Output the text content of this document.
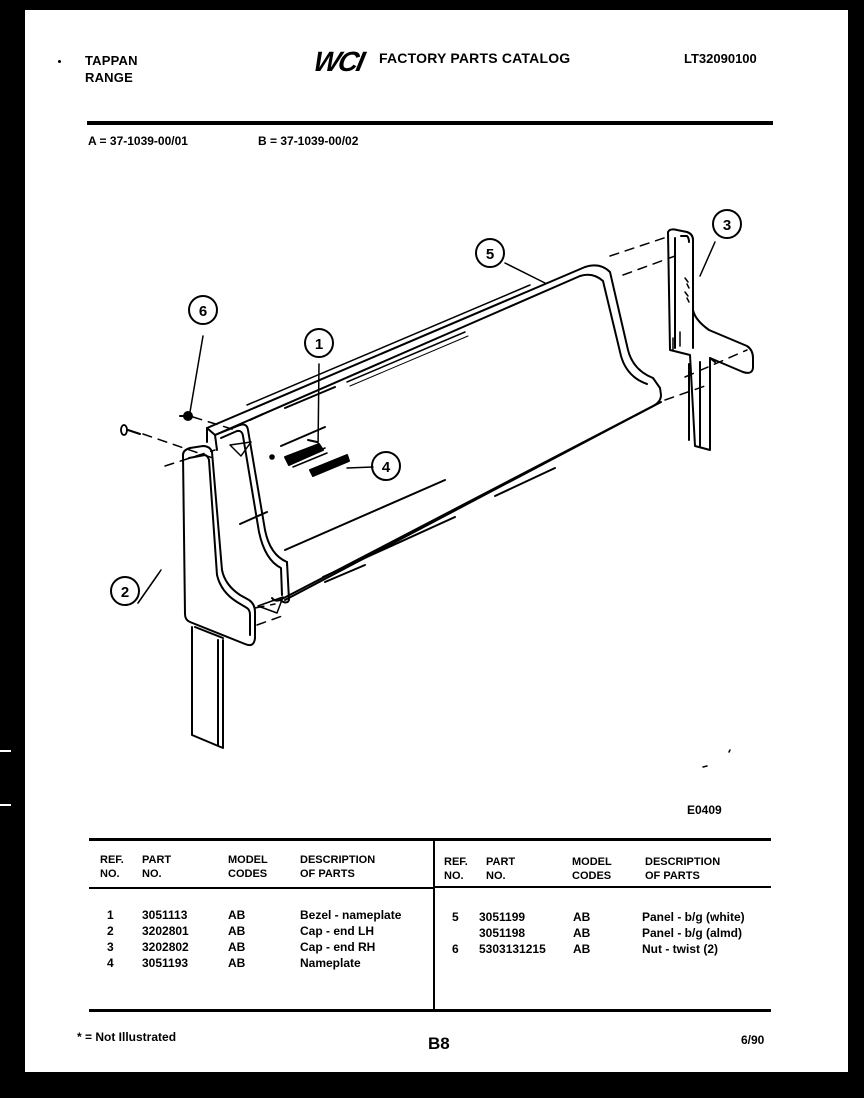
TAPPAN
RANGE
WCI FACTORY PARTS CATALOG	LT32090100
A = 37-1039-00/01	B = 37-1039-00/02
1
2
3
4
5
6
E0409
REF.
NO.
PART
NO.
MODEL
CODES
DESCRIPTION
OF PARTS
REF.
NO.
PART
NO.
MODEL
CODES
DESCRIPTION
OF PARTS
1 3051113	AB	Bezel - nameplate
2 3202801	AB	Cap - end LH
3 3202802	AB	Cap - end RH
4 3051193	AB	Nameplate
5 3051199	AB	Panel - b/g (white)
3051198	AB	Panel - b/g (almd)
6 5303131215 AB	Nut - twist (2)
* = Not Illustrated	B8	6/90
